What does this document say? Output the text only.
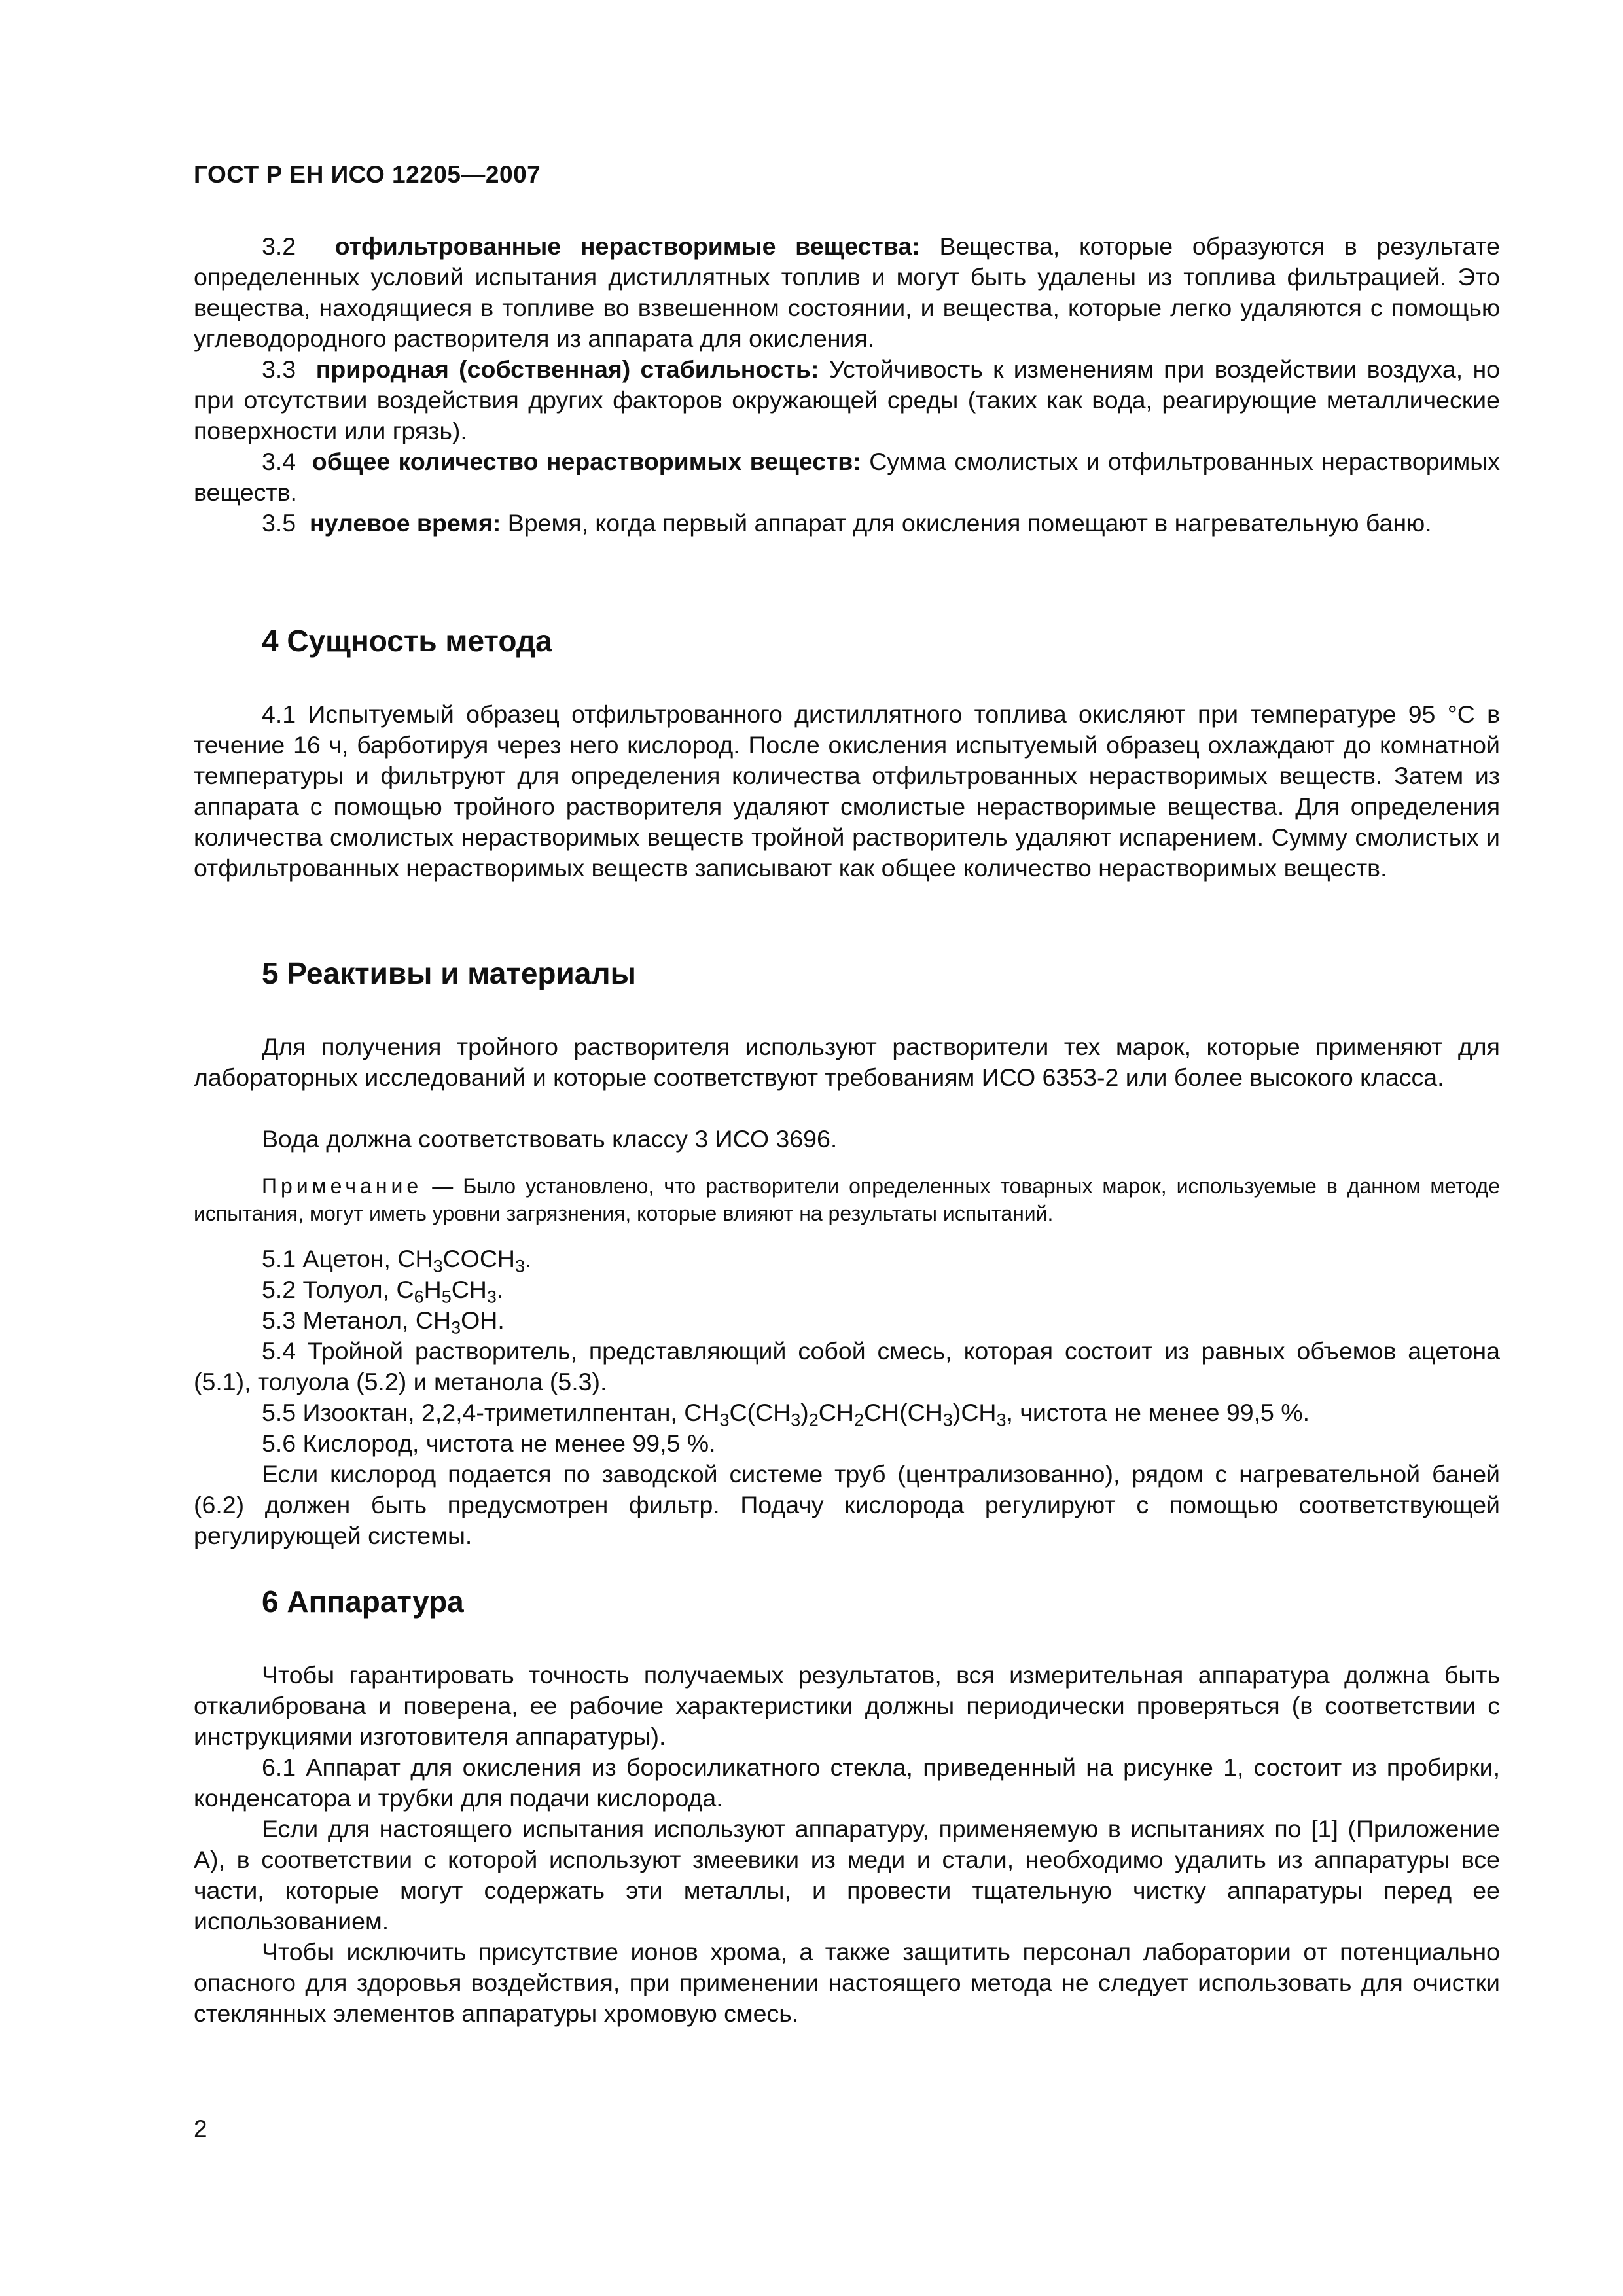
ГОСТ Р ЕН ИСО 12205—2007

3.2 отфильтрованные нерастворимые вещества: Вещества, которые образуются в результате определенных условий испытания дистиллятных топлив и могут быть удалены из топлива фильтрацией. Это вещества, находящиеся в топливе во взвешенном состоянии, и вещества, которые легко удаляются с помощью углеводородного растворителя из аппарата для окисления.

3.3 природная (собственная) стабильность: Устойчивость к изменениям при воздействии воздуха, но при отсутствии воздействия других факторов окружающей среды (таких как вода, реагирующие металлические поверхности или грязь).

3.4 общее количество нерастворимых веществ: Сумма смолистых и отфильтрованных нерастворимых веществ.

3.5 нулевое время: Время, когда первый аппарат для окисления помещают в нагревательную баню.

4 Сущность метода

4.1 Испытуемый образец отфильтрованного дистиллятного топлива окисляют при температуре 95 °С в течение 16 ч, барботируя через него кислород. После окисления испытуемый образец охлаждают до комнатной температуры и фильтруют для определения количества отфильтрованных нерастворимых веществ. Затем из аппарата с помощью тройного растворителя удаляют смолистые нерастворимые вещества. Для определения количества смолистых нерастворимых веществ тройной растворитель удаляют испарением. Сумму смолистых и отфильтрованных нерастворимых веществ записывают как общее количество нерастворимых веществ.

5 Реактивы и материалы

Для получения тройного растворителя используют растворители тех марок, которые применяют для лабораторных исследований и которые соответствуют требованиям ИСО 6353-2 или более высокого класса.

Вода должна соответствовать классу 3 ИСО 3696.

Примечание — Было установлено, что растворители определенных товарных марок, используемые в данном методе испытания, могут иметь уровни загрязнения, которые влияют на результаты испытаний.

5.1 Ацетон, $CH_3COCH_3$.
5.2 Толуол, $C_6H_5CH_3$.
5.3 Метанол, $CH_3OH$.

5.4 Тройной растворитель, представляющий собой смесь, которая состоит из равных объемов ацетона (5.1), толуола (5.2) и метанола (5.3).

5.5 Изооктан, 2,2,4-триметилпентан, $CH_3C(CH_3)_2CH_2CH(CH_3)CH_3$, чистота не менее 99,5 %.
5.6 Кислород, чистота не менее 99,5 %.

Если кислород подается по заводской системе труб (централизованно), рядом с нагревательной баней (6.2) должен быть предусмотрен фильтр. Подачу кислорода регулируют с помощью соответствующей регулирующей системы.

6 Аппаратура

Чтобы гарантировать точность получаемых результатов, вся измерительная аппаратура должна быть откалибрована и поверена, ее рабочие характеристики должны периодически проверяться (в соответствии с инструкциями изготовителя аппаратуры).

6.1 Аппарат для окисления из боросиликатного стекла, приведенный на рисунке 1, состоит из пробирки, конденсатора и трубки для подачи кислорода.

Если для настоящего испытания используют аппаратуру, применяемую в испытаниях по [1] (Приложение А), в соответствии с которой используют змеевики из меди и стали, необходимо удалить из аппаратуры все части, которые могут содержать эти металлы, и провести тщательную чистку аппаратуры перед ее использованием.

Чтобы исключить присутствие ионов хрома, а также защитить персонал лаборатории от потенциально опасного для здоровья воздействия, при применении настоящего метода не следует использовать для очистки стеклянных элементов аппаратуры хромовую смесь.

2
